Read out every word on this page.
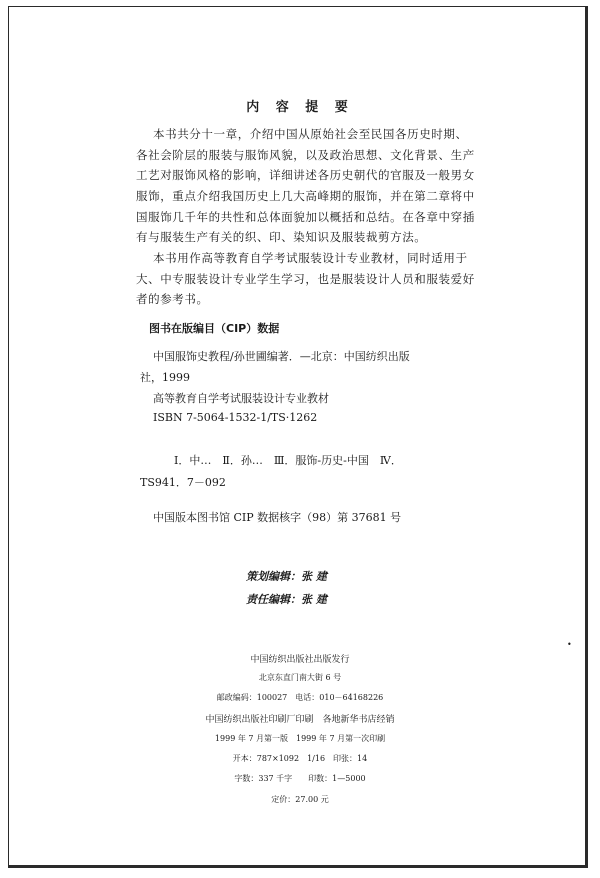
内 容 提 要
本书共分十一章，介绍中国从原始社会至民国各历史时期、
各社会阶层的服装与服饰风貌，以及政治思想、文化背景、生产
工艺对服饰风格的影响，详细讲述各历史朝代的官服及一般男女
服饰，重点介绍我国历史上几大高峰期的服饰，并在第二章将中
国服饰几千年的共性和总体面貌加以概括和总结。在各章中穿插
有与服装生产有关的织、印、染知识及服装裁剪方法。
本书用作高等教育自学考试服装设计专业教材，同时适用于
大、中专服装设计专业学生学习，也是服装设计人员和服装爱好
者的参考书。
图书在版编目（CIP）数据
中国服饰史教程/孙世圃编著．—北京：中国纺织出版
社，1999
高等教育自学考试服装设计专业教材
ISBN 7-5064-1532-1/TS·1262
Ⅰ．中…　Ⅱ．孙…　Ⅲ．服饰-历史-中国　Ⅳ．
TS941．7－092
中国版本图书馆 CIP 数据核字（98）第 37681 号
策划编辑：张 建
责任编辑：张 建
中国纺织出版社出版发行
北京东直门南大街 6 号
邮政编码：100027　电话：010－64168226
中国纺织出版社印刷厂印刷　各地新华书店经销
1999 年 7 月第一版　1999 年 7 月第一次印刷
开本：787×1092　1/16　印张：14
字数：337 千字　　印数：1—5000
定价：27.00 元
•
